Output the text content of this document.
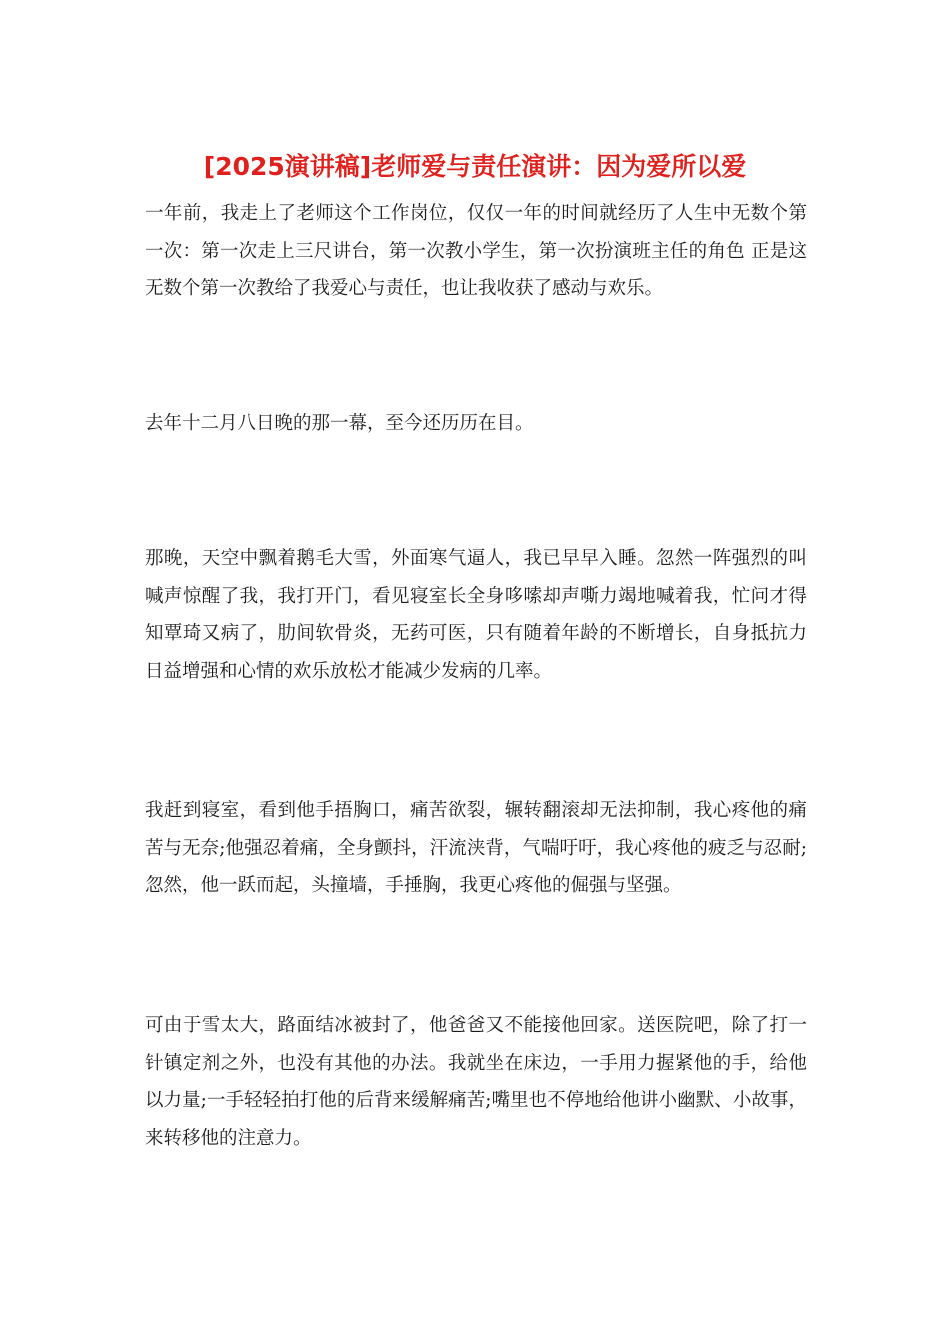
[2025演讲稿]老师爱与责任演讲：因为爱所以爱

一年前，我走上了老师这个工作岗位，仅仅一年的时间就经历了人生中无数个第一次：第一次走上三尺讲台，第一次教小学生，第一次扮演班主任的角色 正是这无数个第一次教给了我爱心与责任，也让我收获了感动与欢乐。

去年十二月八日晚的那一幕，至今还历历在目。

那晚，天空中飘着鹅毛大雪，外面寒气逼人，我已早早入睡。忽然一阵强烈的叫喊声惊醒了我，我打开门，看见寝室长全身哆嗦却声嘶力竭地喊着我，忙问才得知覃琦又病了，肋间软骨炎，无药可医，只有随着年龄的不断增长，自身抵抗力日益增强和心情的欢乐放松才能减少发病的几率。

我赶到寝室，看到他手捂胸口，痛苦欲裂，辗转翻滚却无法抑制，我心疼他的痛苦与无奈;他强忍着痛，全身颤抖，汗流浃背，气喘吁吁，我心疼他的疲乏与忍耐;忽然，他一跃而起，头撞墙，手捶胸，我更心疼他的倔强与坚强。

可由于雪太大，路面结冰被封了，他爸爸又不能接他回家。送医院吧，除了打一针镇定剂之外，也没有其他的办法。我就坐在床边，一手用力握紧他的手，给他以力量;一手轻轻拍打他的后背来缓解痛苦;嘴里也不停地给他讲小幽默、小故事，来转移他的注意力。
